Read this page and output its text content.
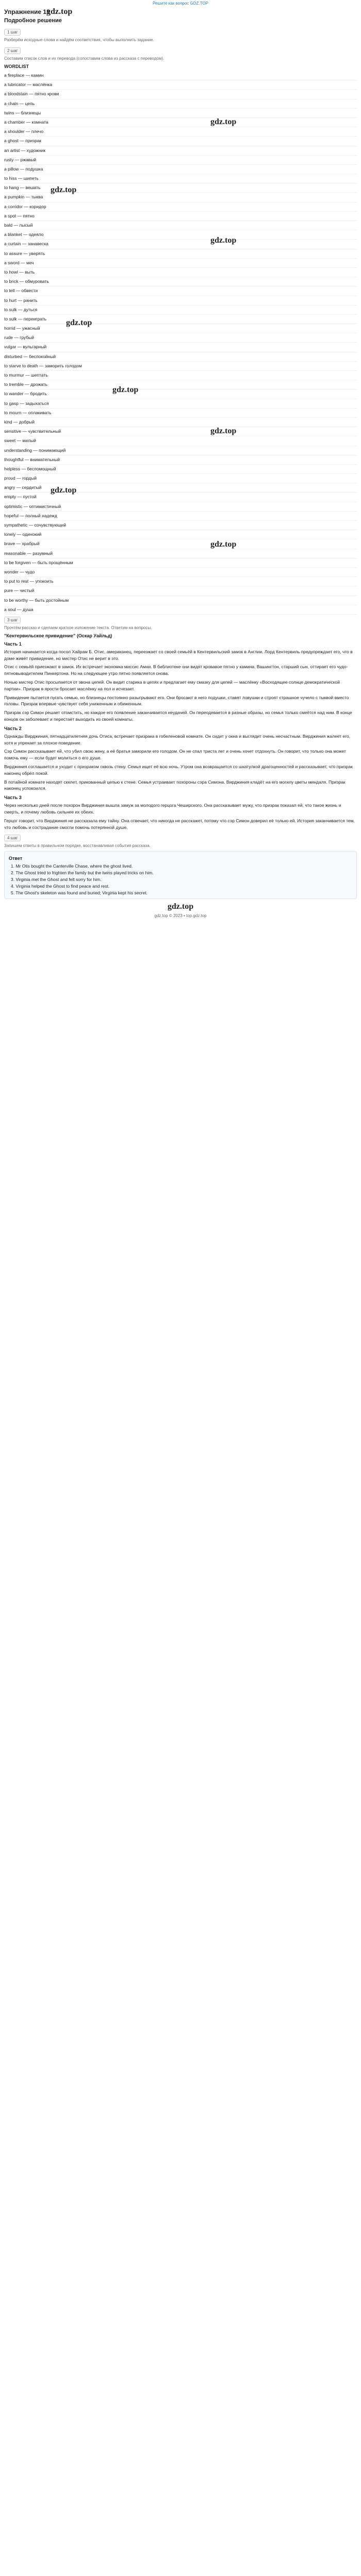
Решите как вопрос GDZ.TOP
Упражнение 13
gdz.top
Подробное решение
1 шаг
Разберём исходные слова и найдём соответствия, чтобы выполнить задание.
2 шаг
Составим список слов и их перевода (сопоставим слова из рассказа с переводом).
WORDLIST
a fireplace — камин
a lubricator — маслёнка
a bloodstain — пятно крови
a chain — цепь
twins — близнецы
a chamber — комната
a shoulder — плечо
a ghost — призрак
an artist — художник
rusty — ржавый
a pillow — подушка
to hiss — шипеть
to hang — вешать
a pumpkin — тыква
a corridor — коридор
a spot — пятно
bald — лысый
a blanket — одеяло
a curtain — занавеска
to assure — уверять
a sword — меч
to howl — выть
to brick — обмуровать
to tell — обвести
to hurt — ранить
to sulk — дуться
to sulk — переиграть
horrid — ужасный
rude — грубый
vulgar — вульгарный
disturbed — беспокойный
to starve to death — заморить голодом
to murmur — шептать
to tremble — дрожать
to wander — бродить
to gasp — задыхаться
to mourn — оплакивать
kind — добрый
sensitive — чувствительный
sweet — милый
understanding — понимающий
thoughtful — внимательный
helpless — беспомощный
proud — гордый
angry — сердитый
empty — пустой
optimistic — оптимистичный
hopeful — полный надежд
sympathetic — сочувствующий
lonely — одинокий
brave — храбрый
reasonable — разумный
to be forgiven — быть прощённым
wonder — чудо
to put to rest — упокоить
pure — чистый
to be worthy — быть достойным
a soul — душа
gdz.top
gdz.top
gdz.top
gdz.top
gdz.top
gdz.top
gdz.top
gdz.top
3 шаг
Прочтём рассказ и сделаем краткое изложение текста. Ответим на вопросы.
"Кентервильское привидение" (Оскар Уайльд)
Часть 1

История начинается когда посол Хайрам Б. Отис, американец, переезжает со своей семьёй в Кентервильский замок в Англии. Лорд Кентервиль предупреждает его, что в доме живёт привидение, но мистер Отис не верит в это.

Отис с семьёй приезжают в замок. Их встречает экономка миссис Амни. В библиотеке они видят кровавое пятно у камина. Вашингтон, старший сын, оттирает его чудо-пятновыводителем Пинкертона. Но на следующее утро пятно появляется снова.

Ночью мистер Отис просыпается от звона цепей. Он видит старика в цепях и предлагает ему смазку для цепей — маслёнку «Восходящее солнце демократической партии». Призрак в ярости бросает маслёнку на пол и исчезает.

Привидение пытается пугать семью, но близнецы постоянно разыгрывают его. Они бросают в него подушки, ставят ловушки и строят страшное чучело с тыквой вместо головы. Призрак впервые чувствует себя униженным и обиженным.

Призрак сэр Симон решает отомстить, но каждое его появление заканчивается неудачей. Он переодевается в разные образы, но семья только смеётся над ним. В конце концов он заболевает и перестаёт выходить из своей комнаты.

Часть 2

Однажды Вирджиния, пятнадцатилетняя дочь Отиса, встречает призрака в гобеленовой комнате. Он сидит у окна и выглядит очень несчастным. Вирджиния жалеет его, хотя и упрекает за плохое поведение.

Сэр Симон рассказывает ей, что убил свою жену, а её братья заморили его голодом. Он не спал триста лет и очень хочет отдохнуть. Он говорит, что только она может помочь ему — если будет молиться о его душе.

Вирджиния соглашается и уходит с призраком сквозь стену. Семья ищет её всю ночь. Утром она возвращается со шкатулкой драгоценностей и рассказывает, что призрак наконец обрёл покой.

В потайной комнате находят скелет, прикованный цепью к стене. Семья устраивает похороны сэра Симона. Вирджиния кладёт на его могилу цветы миндаля. Призрак наконец успокоился.

Часть 3

Через несколько дней после похорон Вирджиния вышла замуж за молодого герцога Чеширского. Она рассказывает мужу, что призрак показал ей, что такое жизнь и смерть, и почему любовь сильнее их обеих.

Герцог говорит, что Вирджиния не рассказала ему тайну. Она отвечает, что никогда не расскажет, потому что сэр Симон доверил её только ей. История заканчивается тем, что любовь и сострадание смогли помочь потерянной душе.

4 шаг
Запишем ответы в правильном порядке, восстанавливая события рассказа.
Ответ
1. Mr Otis bought the Canterville Chase, where the ghost lived.
2. The Ghost tried to frighten the family but the twins played tricks on him.
3. Virginia met the Ghost and felt sorry for him.
4. Virginia helped the Ghost to find peace and rest.
5. The Ghost's skeleton was found and buried; Virginia kept his secret.
gdz.top
gdz.top © 2023 • top.gdz.top
